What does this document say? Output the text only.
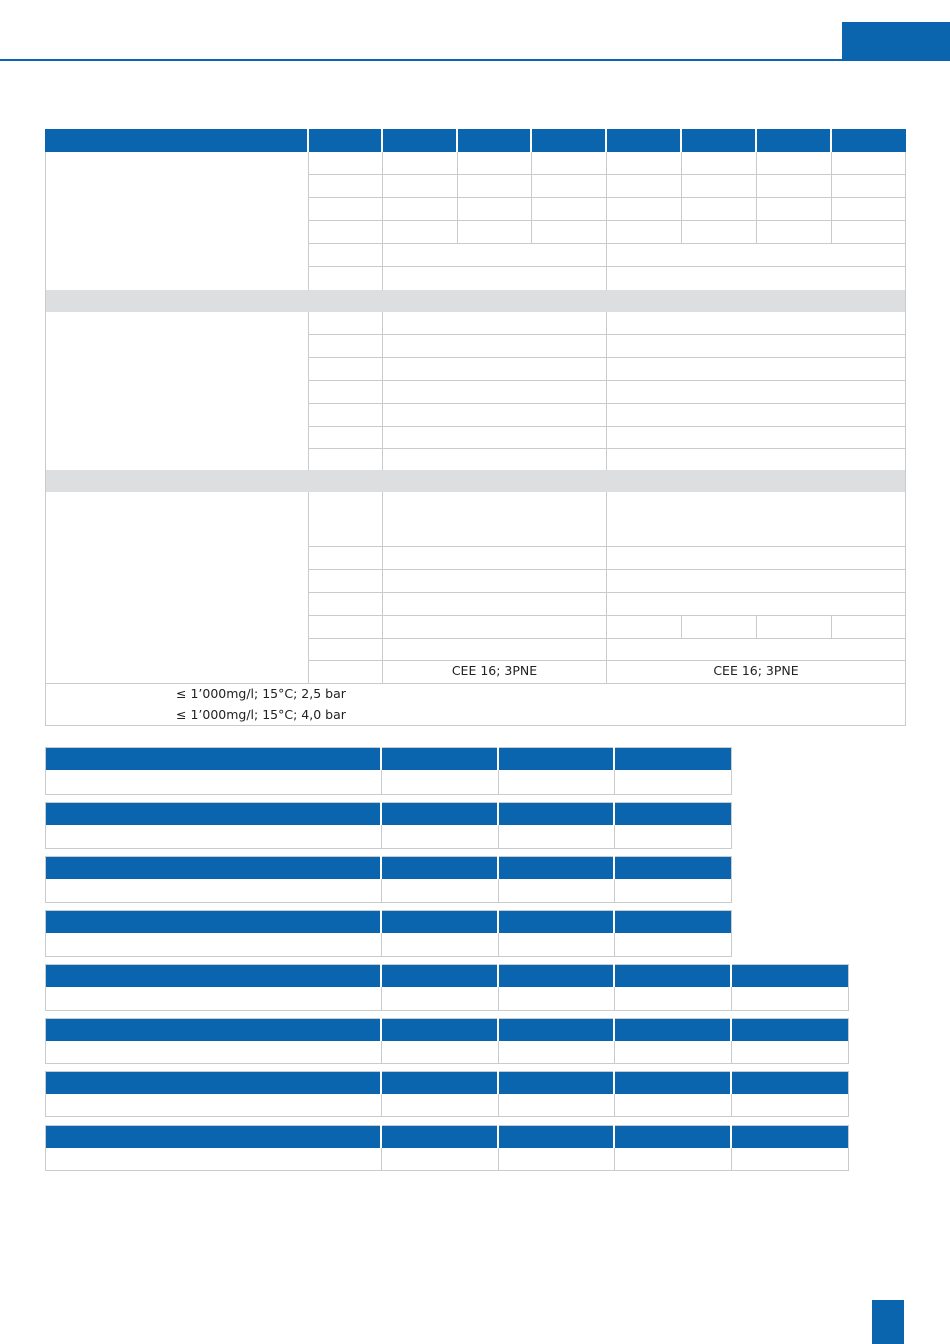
CEE 16; 3PNE	CEE 16; 3PNE
≤ 1’000mg/l; 15°C; 2,5 bar
≤ 1’000mg/l; 15°C; 4,0 bar
